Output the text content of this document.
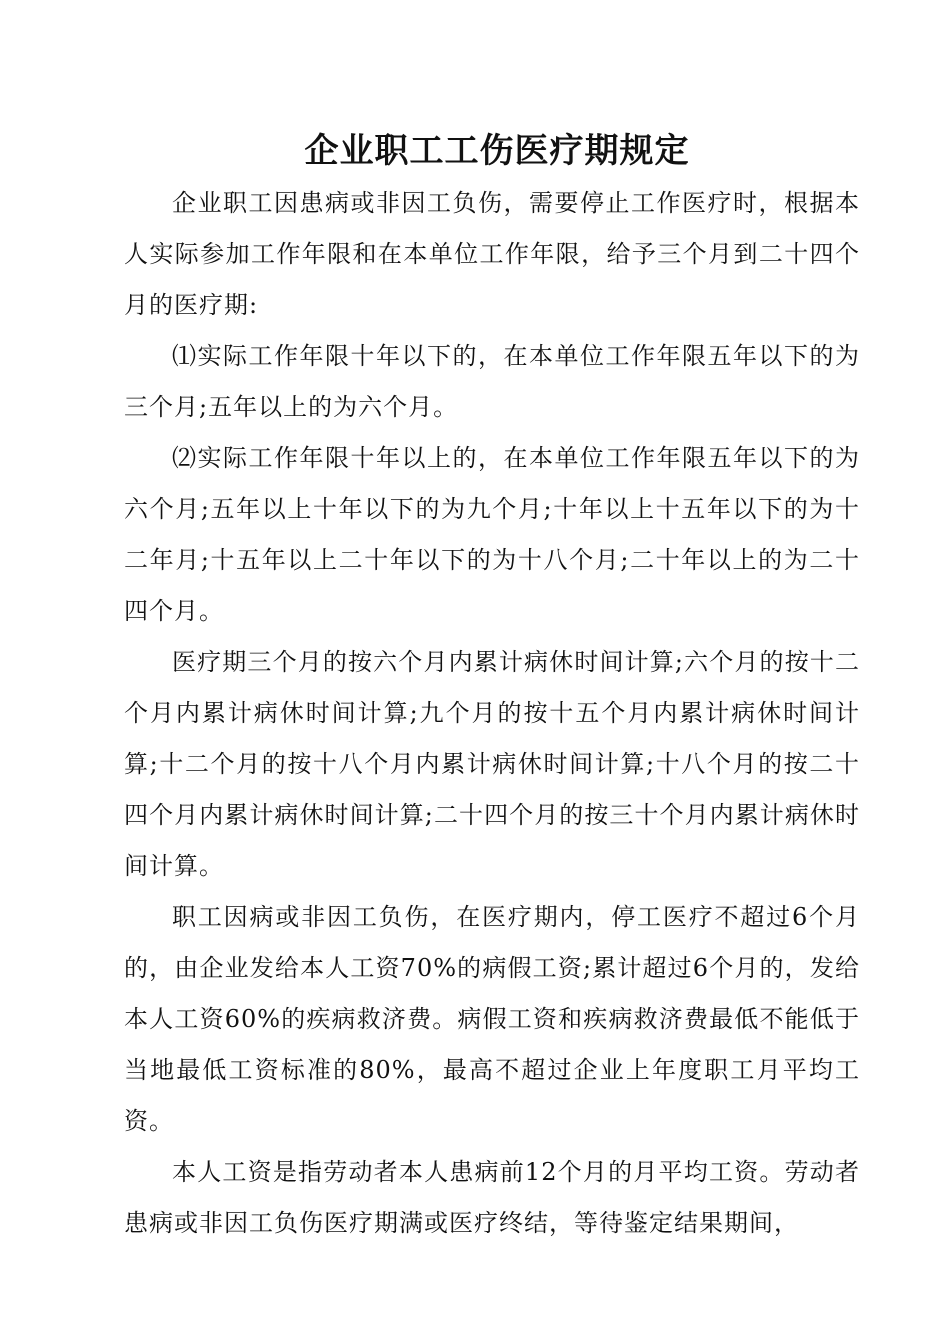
企业职工工伤医疗期规定

企业职工因患病或非因工负伤，需要停止工作医疗时，根据本人实际参加工作年限和在本单位工作年限，给予三个月到二十四个月的医疗期:

⑴实际工作年限十年以下的，在本单位工作年限五年以下的为三个月;五年以上的为六个月。

⑵实际工作年限十年以上的，在本单位工作年限五年以下的为六个月;五年以上十年以下的为九个月;十年以上十五年以下的为十二年月;十五年以上二十年以下的为十八个月;二十年以上的为二十四个月。

医疗期三个月的按六个月内累计病休时间计算;六个月的按十二个月内累计病休时间计算;九个月的按十五个月内累计病休时间计算;十二个月的按十八个月内累计病休时间计算;十八个月的按二十四个月内累计病休时间计算;二十四个月的按三十个月内累计病休时间计算。

职工因病或非因工负伤，在医疗期内，停工医疗不超过6个月的，由企业发给本人工资70%的病假工资;累计超过6个月的，发给本人工资60%的疾病救济费。病假工资和疾病救济费最低不能低于当地最低工资标准的80%，最高不超过企业上年度职工月平均工资。

本人工资是指劳动者本人患病前12个月的月平均工资。劳动者患病或非因工负伤医疗期满或医疗终结，等待鉴定结果期间，
